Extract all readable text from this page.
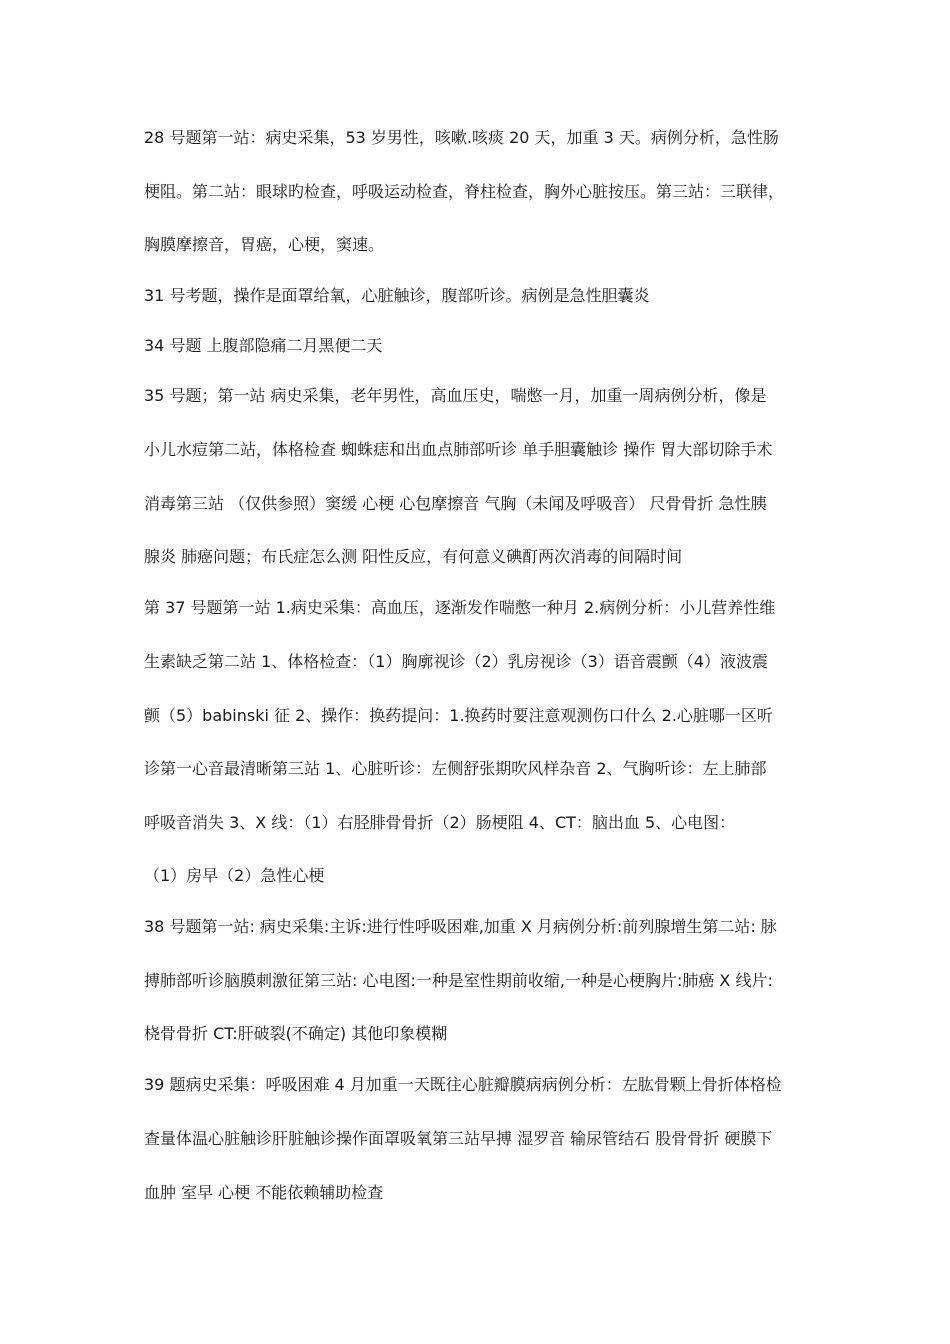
28 号题第一站：病史采集，53 岁男性，咳嗽.咳痰 20 天，加重 3 天。病例分析，急性肠
梗阻。第二站：眼球旳检查，呼吸运动检查，脊柱检查，胸外心脏按压。第三站：三联律，
胸膜摩擦音，胃癌，心梗，窦速。
31 号考题，操作是面罩给氧，心脏触诊，腹部听诊。病例是急性胆囊炎
34 号题 上腹部隐痛二月黑便二天
35 号题；第一站 病史采集，老年男性，高血压史，喘憋一月，加重一周病例分析，像是
小儿水痘第二站，体格检查 蜘蛛痣和出血点肺部听诊 单手胆囊触诊 操作 胃大部切除手术
消毒第三站 （仅供参照）窦缓 心梗 心包摩擦音 气胸（未闻及呼吸音） 尺骨骨折 急性胰
腺炎 肺癌问题；布氏症怎么测 阳性反应，有何意义碘酊两次消毒的间隔时间
第 37 号题第一站 1.病史采集：高血压，逐渐发作喘憋一种月 2.病例分析：小儿营养性维
生素缺乏第二站 1、体格检查：（1）胸廓视诊（2）乳房视诊（3）语音震颤（4）液波震
颤（5）babinski 征 2、操作：换药提问：1.换药时要注意观测伤口什么 2.心脏哪一区听
诊第一心音最清晰第三站 1、心脏听诊：左侧舒张期吹风样杂音 2、气胸听诊：左上肺部
呼吸音消失 3、X 线：（1）右胫腓骨骨折（2）肠梗阻 4、CT：脑出血 5、心电图：
（1）房早（2）急性心梗
38 号题第一站: 病史采集:主诉:进行性呼吸困难,加重 X 月病例分析:前列腺增生第二站: 脉
搏肺部听诊脑膜刺激征第三站: 心电图:一种是室性期前收缩,一种是心梗胸片:肺癌 X 线片:
桡骨骨折 CT:肝破裂(不确定) 其他印象模糊
39 题病史采集：呼吸困难 4 月加重一天既往心脏瓣膜病病例分析：左肱骨颗上骨折体格检
查量体温心脏触诊肝脏触诊操作面罩吸氧第三站早搏 湿罗音 输尿管结石 股骨骨折 硬膜下
血肿 室早 心梗 不能依赖辅助检查
